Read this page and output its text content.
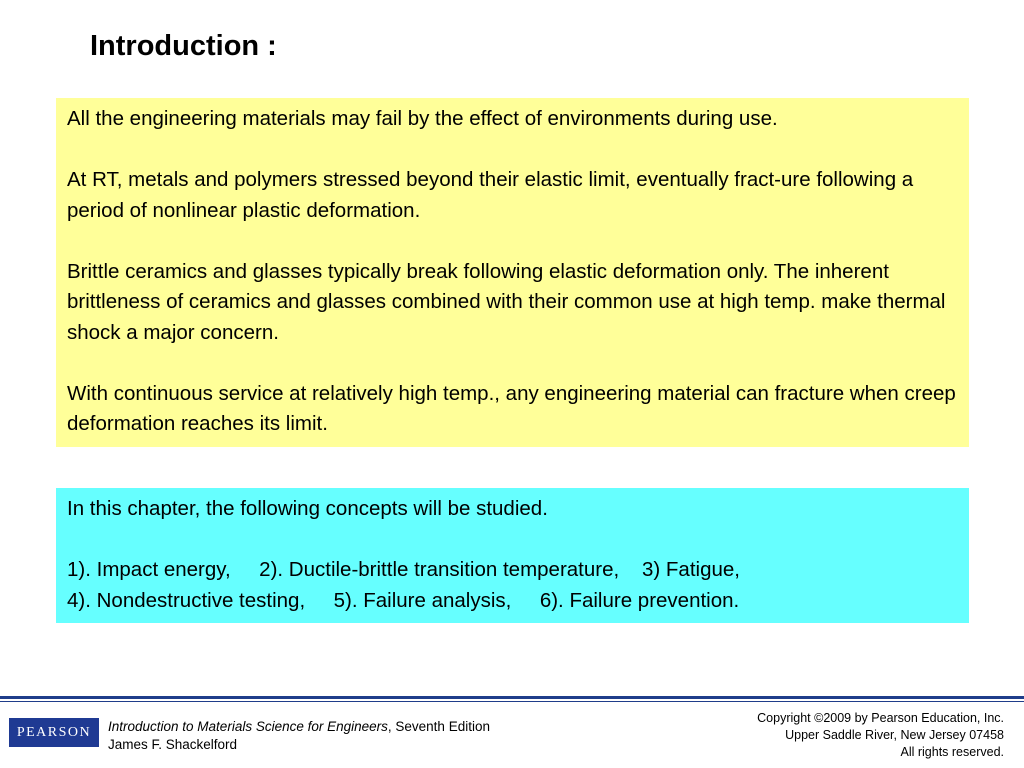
Introduction :

All the engineering materials may fail by the effect of environments during use.

At RT, metals and polymers stressed beyond their elastic limit, eventually fract-ure following a period of nonlinear plastic deformation.

Brittle ceramics and glasses typically break following elastic deformation only. The inherent brittleness of ceramics and glasses combined with their common use at high temp. make thermal shock a major concern.

With continuous service at relatively high temp., any engineering material can fracture when creep deformation reaches its limit.

In this chapter, the following concepts will be studied.

1). Impact energy,     2). Ductile-brittle transition temperature,    3) Fatigue,
4). Nondestructive testing,     5). Failure analysis,     6). Failure prevention.

PEARSON	Introduction to Materials Science for Engineers, Seventh Edition
James F. Shackelford
Copyright ©2009 by Pearson Education, Inc.
Upper Saddle River, New Jersey 07458
All rights reserved.
